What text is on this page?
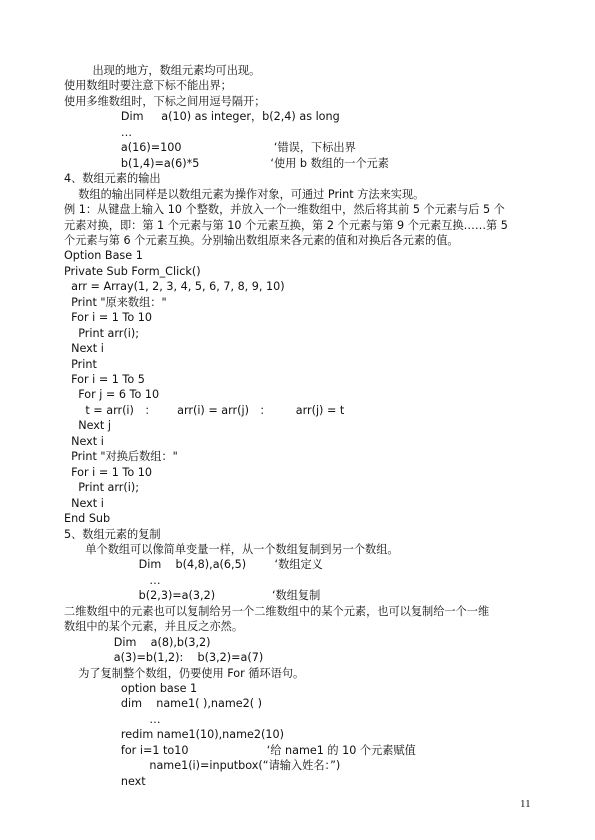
出现的地方，数组元素均可出现。
使用数组时要注意下标不能出界；
使用多维数组时，下标之间用逗号隔开；
Dim     a(10) as integer，b(2,4) as long
…
a(16)=100                          ‘错误，下标出界
b(1,4)=a(6)*5                    ‘使用 b 数组的一个元素
4、数组元素的输出
数组的输出同样是以数组元素为操作对象，可通过 Print 方法来实现。
例 1：从键盘上输入 10 个整数，并放入一个一维数组中，然后将其前 5 个元素与后 5 个
元素对换，即：第 1 个元素与第 10 个元素互换，第 2 个元素与第 9 个元素互换……第 5
个元素与第 6 个元素互换。分别输出数组原来各元素的值和对换后各元素的值。
Option Base 1
Private Sub Form_Click()
arr = Array(1, 2, 3, 4, 5, 6, 7, 8, 9, 10)
Print "原来数组："
For i = 1 To 10
Print arr(i);
Next i
Print
For i = 1 To 5
For j = 6 To 10
t = arr(i)   ：      arr(i) = arr(j)   ：       arr(j) = t
Next j
Next i
Print "对换后数组："
For i = 1 To 10
Print arr(i);
Next i
End Sub
5、数组元素的复制
单个数组可以像简单变量一样，从一个数组复制到另一个数组。
Dim    b(4,8),a(6,5)        ‘数组定义
…
b(2,3)=a(3,2)                ‘数组复制
二维数组中的元素也可以复制给另一个二维数组中的某个元素，也可以复制给一个一维
数组中的某个元素，并且反之亦然。
Dim    a(8),b(3,2)
a(3)=b(1,2):    b(3,2)=a(7)
为了复制整个数组，仍要使用 For 循环语句。
option base 1
dim    name1( ),name2( )
…
redim name1(10),name2(10)
for i=1 to10                      ‘给 name1 的 10 个元素赋值
name1(i)=inputbox(“请输入姓名：”)
next
11
